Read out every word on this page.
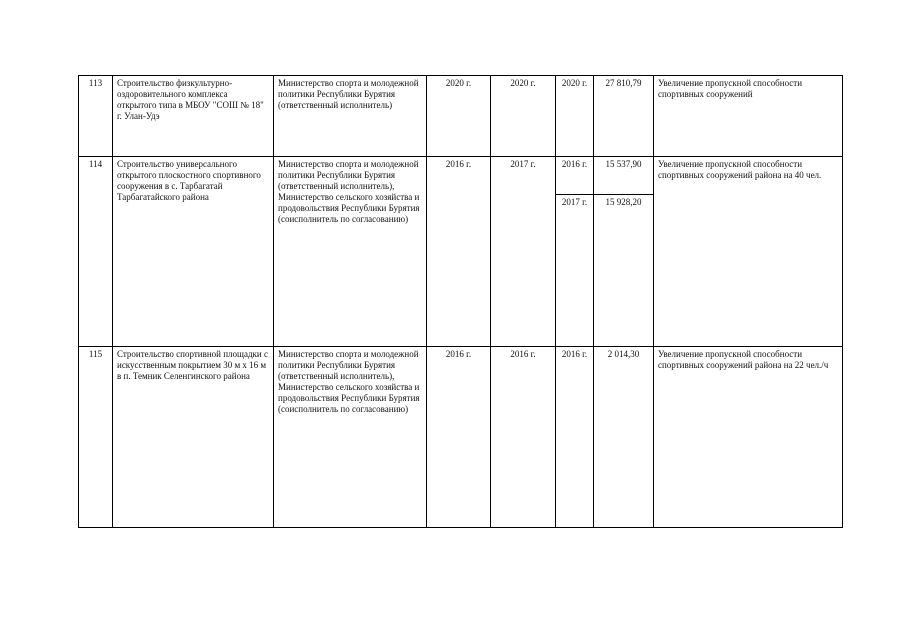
113	Строительство физкультурно-оздоровительного комплекса открытого типа в МБОУ "СОШ № 18" г. Улан-Удэ	Министерство спорта и молодежной политики Республики Бурятия (ответственный исполнитель)	2020 г.	2020 г.	2020 г.	27 810,79	Увеличение пропускной способности спортивных сооружений
114	Строительство универсального открытого плоскостного спортивного сооружения в с. Тарбагатай Тарбагатайского района	Министерство спорта и молодежной политики Республики Бурятия (ответственный исполнитель), Министерство сельского хозяйства и продовольствия Республики Бурятия (соисполнитель по согласованию)	2016 г.	2017 г.	2016 г.	15 537,90	Увеличение пропускной способности спортивных сооружений района на 40 чел.
					2017 г.	15 928,20	
115	Строительство спортивной площадки с искусственным покрытием 30 м х 16 м в п. Темник Селенгинского района	Министерство спорта и молодежной политики Республики Бурятия (ответственный исполнитель), Министерство сельского хозяйства и продовольствия Республики Бурятия (соисполнитель по согласованию)	2016 г.	2016 г.	2016 г.	2 014,30	Увеличение пропускной способности спортивных сооружений района на 22 чел./ч
